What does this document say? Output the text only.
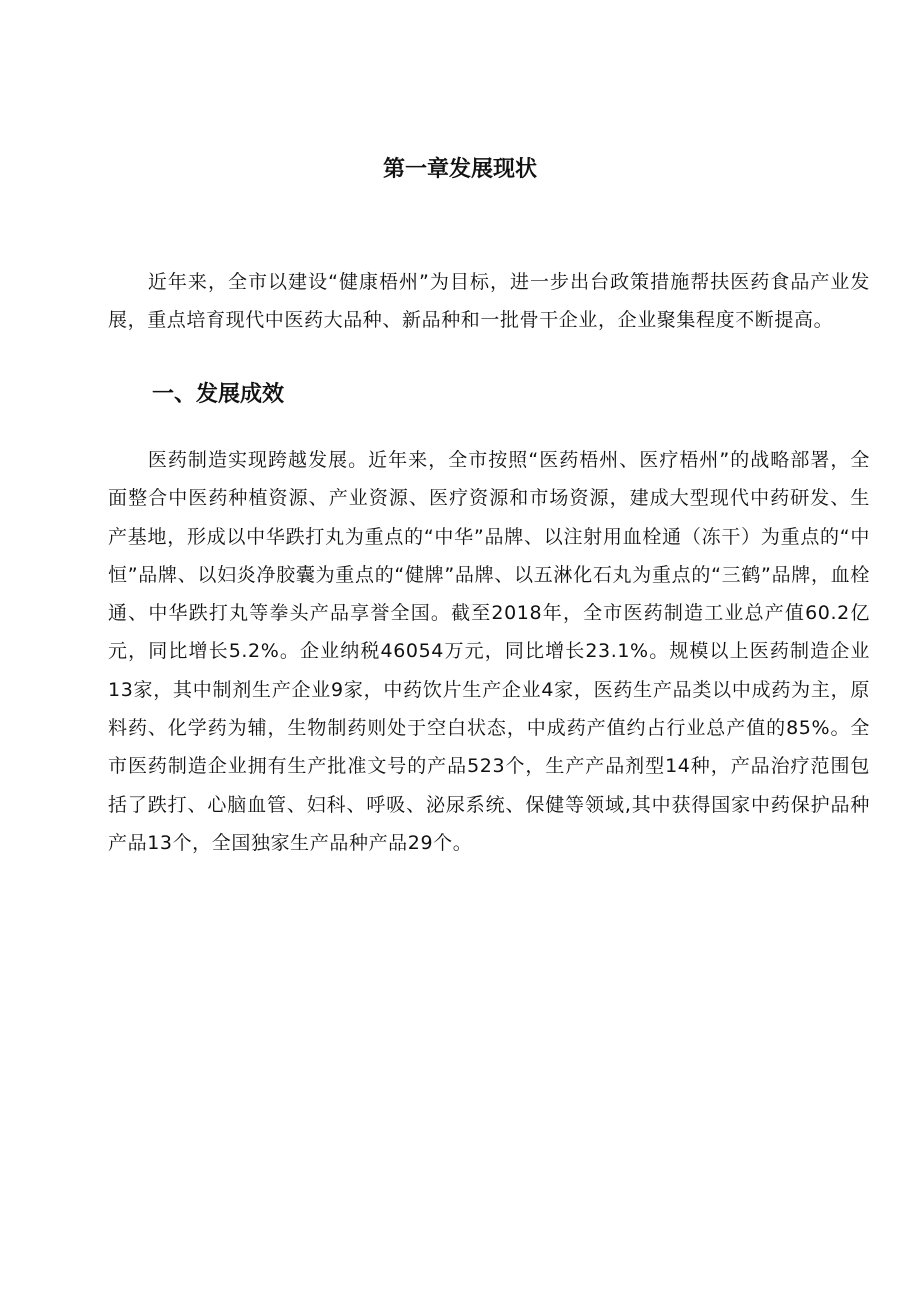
第一章发展现状

近年来，全市以建设“健康梧州”为目标，进一步出台政策措施帮扶医药食品产业发展，重点培育现代中医药大品种、新品种和一批骨干企业，企业聚集程度不断提高。

一、发展成效

医药制造实现跨越发展。近年来，全市按照“医药梧州、医疗梧州”的战略部署，全面整合中医药种植资源、产业资源、医疗资源和市场资源，建成大型现代中药研发、生产基地，形成以中华跌打丸为重点的“中华”品牌、以注射用血栓通（冻干）为重点的“中恒”品牌、以妇炎净胶囊为重点的“健牌”品牌、以五淋化石丸为重点的“三鹤”品牌，血栓通、中华跌打丸等拳头产品享誉全国。截至2018年，全市医药制造工业总产值60.2亿元，同比增长5.2%。企业纳税46054万元，同比增长23.1%。规模以上医药制造企业13家，其中制剂生产企业9家，中药饮片生产企业4家，医药生产品类以中成药为主，原料药、化学药为辅，生物制药则处于空白状态，中成药产值约占行业总产值的85%。全市医药制造企业拥有生产批准文号的产品523个，生产产品剂型14种，产品治疗范围包括了跌打、心脑血管、妇科、呼吸、泌尿系统、保健等领域,其中获得国家中药保护品种产品13个，全国独家生产品种产品29个。
